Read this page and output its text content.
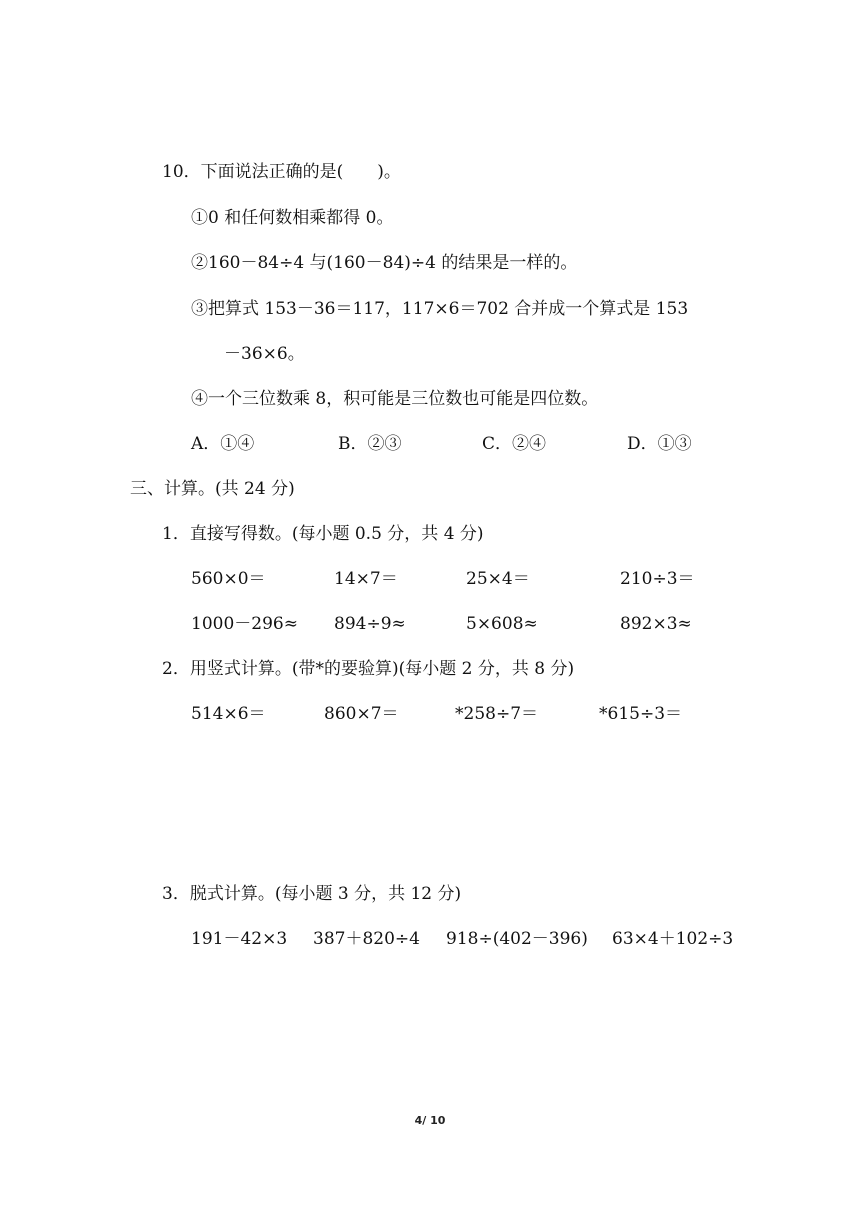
10．下面说法正确的是(　　)。
①0 和任何数相乘都得 0。
②160－84÷4 与(160－84)÷4 的结果是一样的。
③把算式 153－36＝117，117×6＝702 合并成一个算式是 153
－36×6。
④一个三位数乘 8，积可能是三位数也可能是四位数。
A．①④	B．②③	C．②④	D．①③
三、计算。(共 24 分)
1．直接写得数。(每小题 0.5 分，共 4 分)
560×0＝	14×7＝	25×4＝	210÷3＝
1000－296≈ 894÷9≈	5×608≈	892×3≈
2．用竖式计算。(带*的要验算)(每小题 2 分，共 8 分)
514×6＝	860×7＝	*258÷7＝	*615÷3＝
3．脱式计算。(每小题 3 分，共 12 分)
191－42×3 387＋820÷4 918÷(402－396) 63×4＋102÷3
4/ 10
